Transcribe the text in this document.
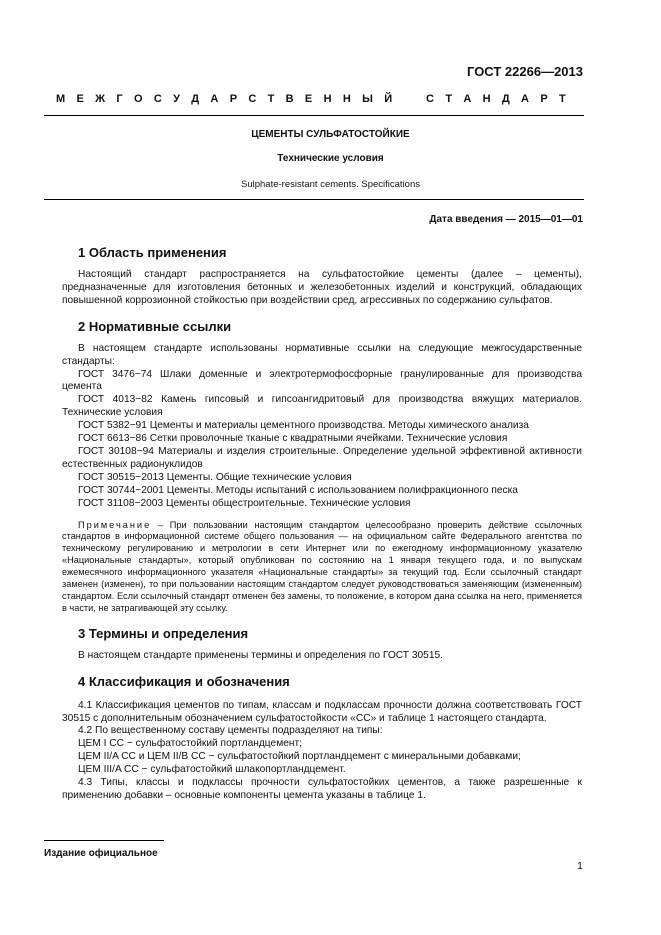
ГОСТ 22266—2013
М Е Ж Г О С У Д А Р С Т В Е Н Н Ы Й	С Т А Н Д А Р Т
ЦЕМЕНТЫ СУЛЬФАТОСТОЙКИЕ
Технические условия
Sulphate-resistant cements. Specifications
Дата введения — 2015—01—01
1 Область применения

Настоящий стандарт распространяется на сульфатостойкие цементы (далее – цементы), предназначенные для изготовления бетонных и железобетонных изделий и конструкций, обладающих повышенной коррозионной стойкостью при воздействии сред, агрессивных по содержанию сульфатов.

2 Нормативные ссылки

В настоящем стандарте использованы нормативные ссылки на следующие межгосударственные стандарты:

ГОСТ 3476−74 Шлаки доменные и электротермофосфорные гранулированные для производства цемента

ГОСТ 4013−82 Камень гипсовый и гипсоангидритовый для производства вяжущих материалов. Технические условия

ГОСТ 5382−91 Цементы и материалы цементного производства. Методы химического анализа

ГОСТ 6613−86 Сетки проволочные тканые с квадратными ячейками. Технические условия

ГОСТ 30108−94 Материалы и изделия строительные. Определение удельной эффективной активности естественных радионуклидов

ГОСТ 30515−2013 Цементы. Общие технические условия

ГОСТ 30744−2001 Цементы. Методы испытаний с использованием полифракционного песка

ГОСТ 31108−2003 Цементы общестроительные. Технические условия

Примечание – При пользовании настоящим стандартом целесообразно проверить действие ссылочных стандартов в информационной системе общего пользования — на официальном сайте Федерального агентства по техническому регулированию и метрологии в сети Интернет или по ежегодному информационному указателю «Национальные стандарты», который опубликован по состоянию на 1 января текущего года, и по выпускам ежемесячного информационного указателя «Национальные стандарты» за текущий год. Если ссылочный стандарт заменен (изменен), то при пользовании настоящим стандартом следует руководствоваться заменяющим (измененным) стандартом. Если ссылочный стандарт отменен без замены, то положение, в котором дана ссылка на него, применяется в части, не затрагивающей эту ссылку.

3 Термины и определения

В настоящем стандарте применены термины и определения по ГОСТ 30515.

4 Классификация и обозначения

4.1 Классификация цементов по типам, классам и подклассам прочности должна соответствовать ГОСТ 30515 с дополнительным обозначением сульфатостойкости «СС» и таблице 1 настоящего стандарта.

4.2 По вещественному составу цементы подразделяют на типы:

ЦЕМ I СС − сульфатостойкий портландцемент;

ЦЕМ II/A CC и ЦЕМ II/B CC − сульфатостойкий портландцемент с минеральными добавками;

ЦЕМ III/A CC − сульфатостойкий шлакопортландцемент.

4.3 Типы, классы и подклассы прочности сульфатостойких цементов, а также разрешенные к применению добавки – основные компоненты цемента указаны в таблице 1.

Издание официальное
1
